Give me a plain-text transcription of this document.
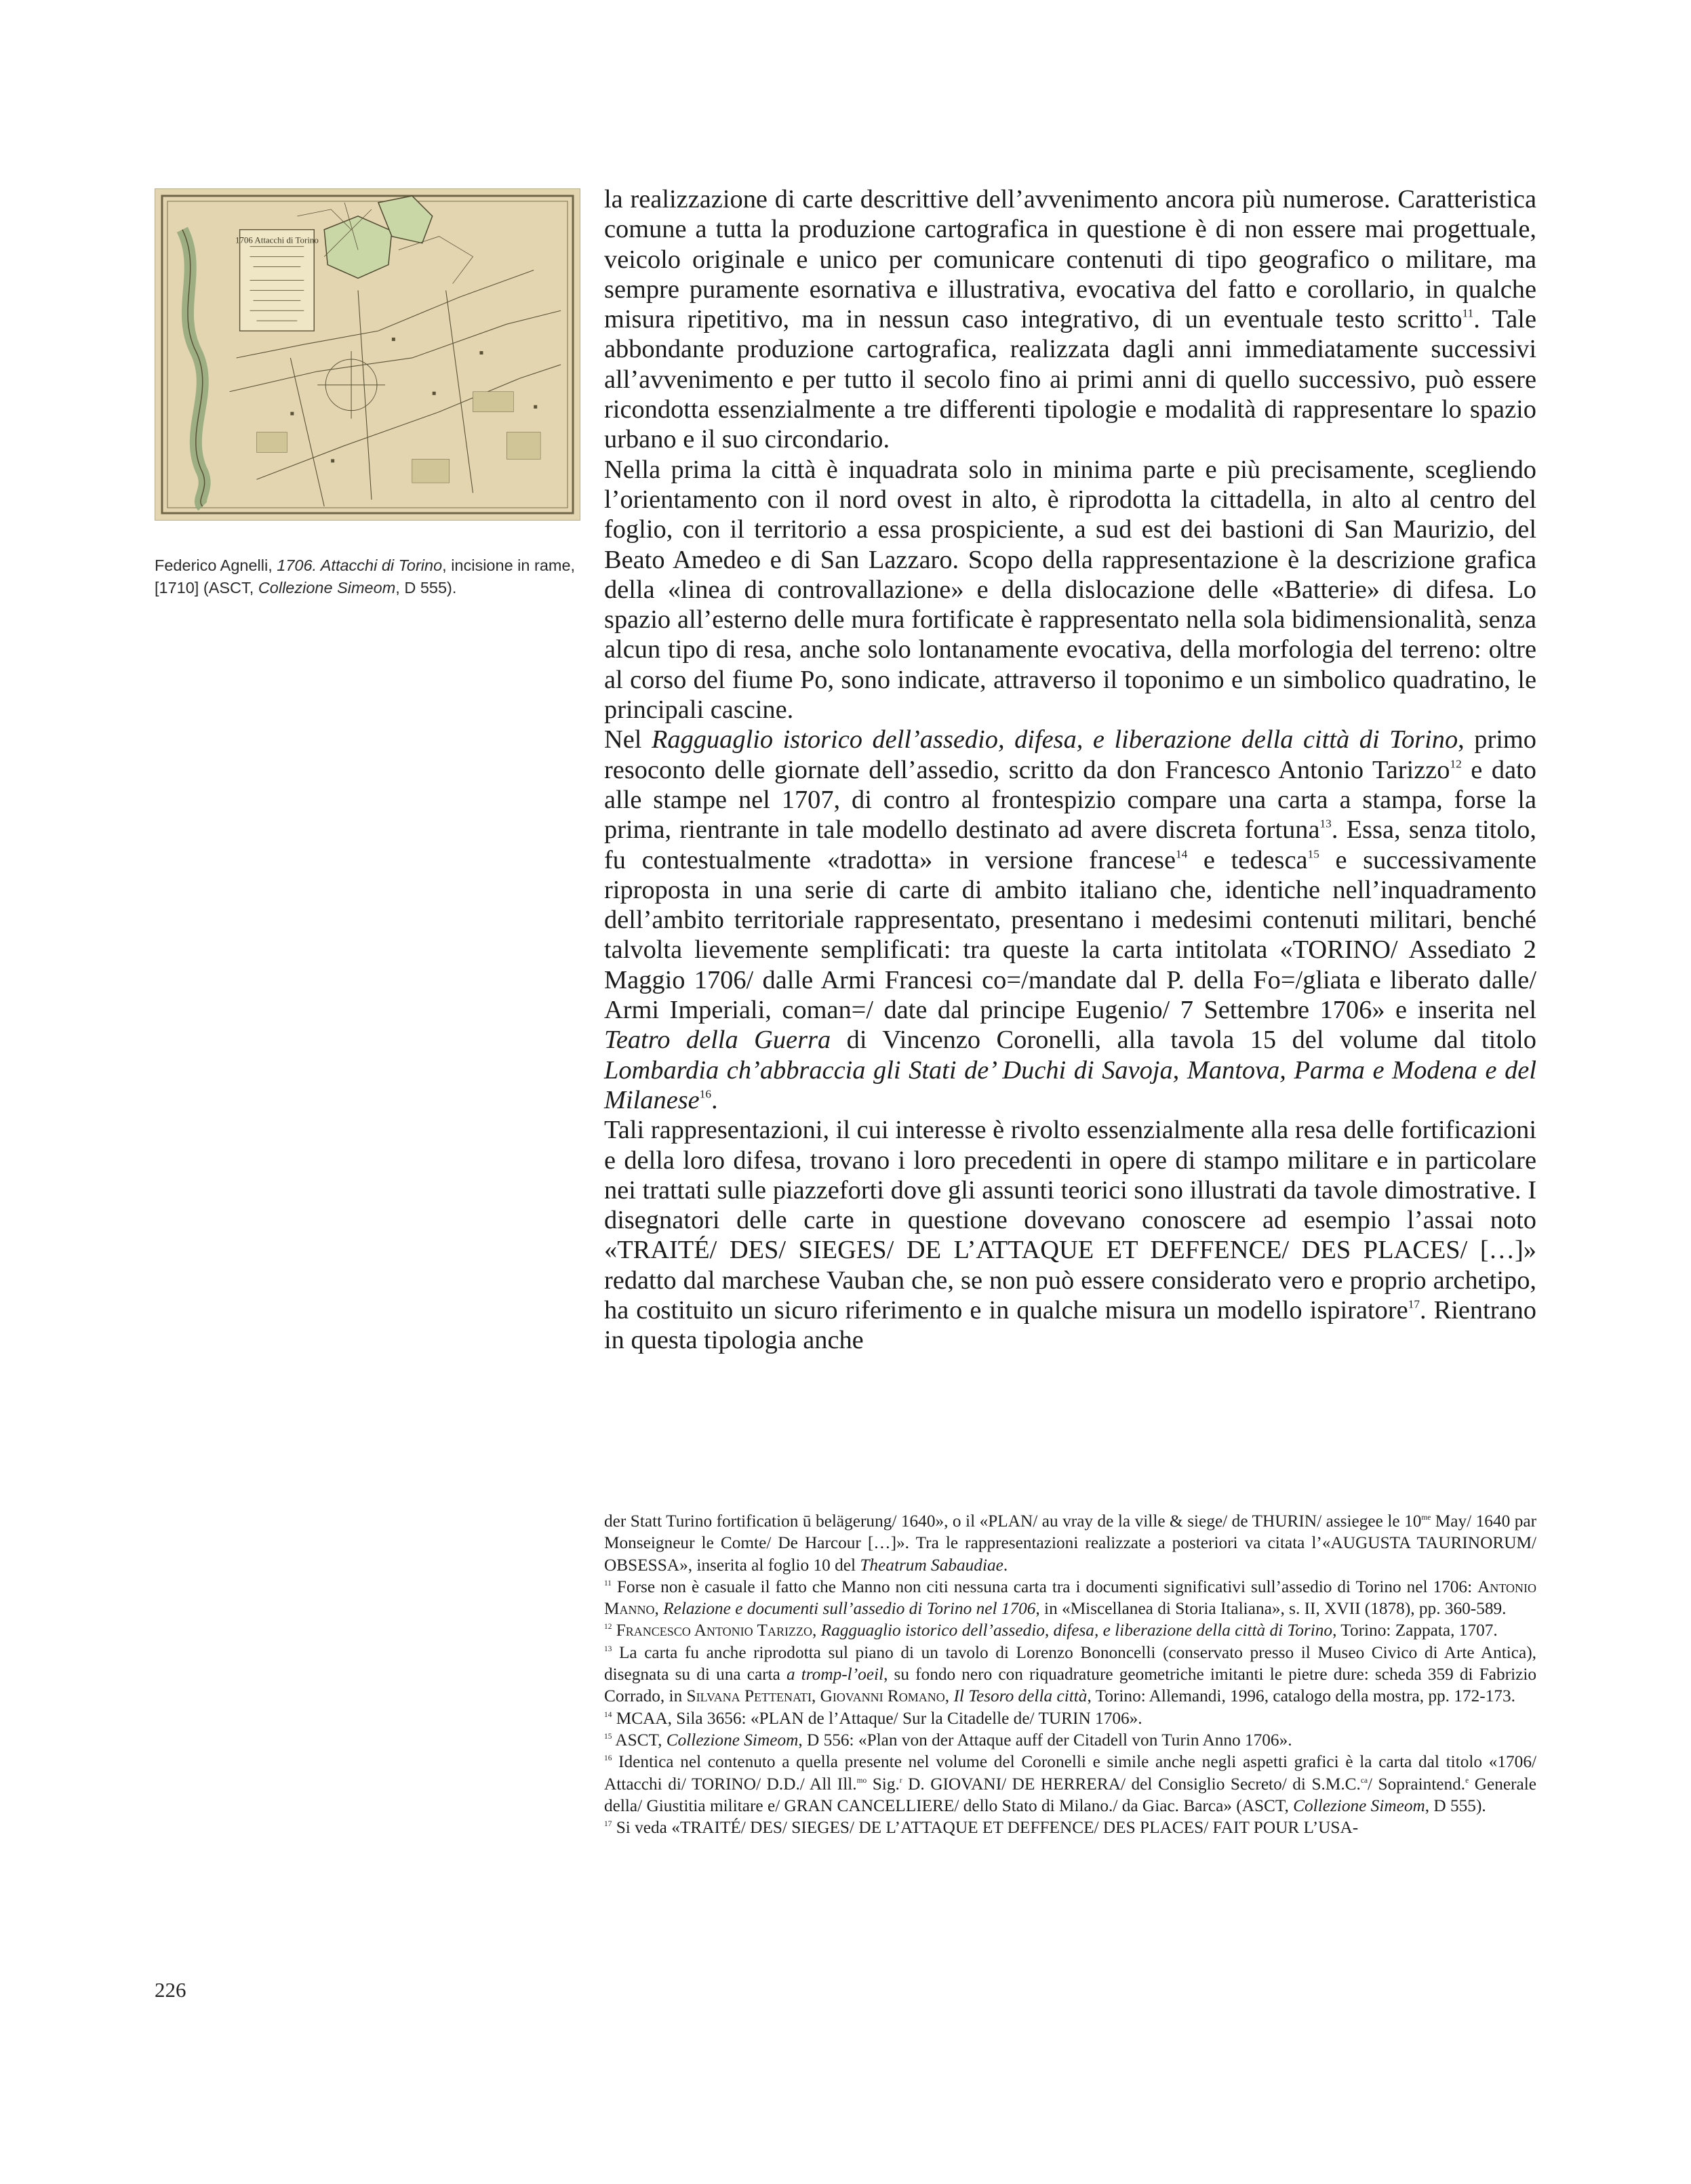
1706 Attacchi di Torino

Federico Agnelli, 1706. Attacchi di Torino, incisione in rame, [1710] (ASCT, Collezione Simeom, D 555).

la realizzazione di carte descrittive dell’avvenimento ancora più numerose. Caratteristica comune a tutta la produzione cartografica in questione è di non essere mai progettuale, veicolo originale e unico per comunicare contenuti di tipo geografico o militare, ma sempre puramente esornativa e illustrativa, evocativa del fatto e corollario, in qualche misura ripetitivo, ma in nessun caso integrativo, di un eventuale testo scritto$^{11}$. Tale abbondante produzione cartografica, realizzata dagli anni immediatamente successivi all’avvenimento e per tutto il secolo fino ai primi anni di quello successivo, può essere ricondotta essenzialmente a tre differenti tipologie e modalità di rappresentare lo spazio urbano e il suo circondario.

Nella prima la città è inquadrata solo in minima parte e più precisamente, scegliendo l’orientamento con il nord ovest in alto, è riprodotta la cittadella, in alto al centro del foglio, con il territorio a essa prospiciente, a sud est dei bastioni di San Maurizio, del Beato Amedeo e di San Lazzaro. Scopo della rappresentazione è la descrizione grafica della «linea di controvallazione» e della dislocazione delle «Batterie» di difesa. Lo spazio all’esterno delle mura fortificate è rappresentato nella sola bidimensionalità, senza alcun tipo di resa, anche solo lontanamente evocativa, della morfologia del terreno: oltre al corso del fiume Po, sono indicate, attraverso il toponimo e un simbolico quadratino, le principali cascine.

Nel Ragguaglio istorico dell’assedio, difesa, e liberazione della città di Torino, primo resoconto delle giornate dell’assedio, scritto da don Francesco Antonio Tarizzo$^{12}$ e dato alle stampe nel 1707, di contro al frontespizio compare una carta a stampa, forse la prima, rientrante in tale modello destinato ad avere discreta fortuna$^{13}$. Essa, senza titolo, fu contestualmente «tradotta» in versione francese$^{14}$ e tedesca$^{15}$ e successivamente riproposta in una serie di carte di ambito italiano che, identiche nell’inquadramento dell’ambito territoriale rappresentato, presentano i medesimi contenuti militari, benché talvolta lievemente semplificati: tra queste la carta intitolata «TORINO/ Assediato 2 Maggio 1706/ dalle Armi Francesi co=/mandate dal P. della Fo=/gliata e liberato dalle/ Armi Imperiali, coman=/ date dal principe Eugenio/ 7 Settembre 1706» e inserita nel Teatro della Guerra di Vincenzo Coronelli, alla tavola 15 del volume dal titolo Lombardia ch’abbraccia gli Stati de’ Duchi di Savoja, Mantova, Parma e Modena e del Milanese$^{16}$.

Tali rappresentazioni, il cui interesse è rivolto essenzialmente alla resa delle fortificazioni e della loro difesa, trovano i loro precedenti in opere di stampo militare e in particolare nei trattati sulle piazzeforti dove gli assunti teorici sono illustrati da tavole dimostrative. I disegnatori delle carte in questione dovevano conoscere ad esempio l’assai noto «TRAITÉ/ DES/ SIEGES/ DE L’ATTAQUE ET DEFFENCE/ DES PLACES/ […]» redatto dal marchese Vauban che, se non può essere considerato vero e proprio archetipo, ha costituito un sicuro riferimento e in qualche misura un modello ispiratore$^{17}$. Rientrano in questa tipologia anche

der Statt Turino fortification ū belägerung/ 1640», o il «PLAN/ au vray de la ville & siege/ de THURIN/ assiegee le $10^{me}$ May/ 1640 par Monseigneur le Comte/ De Harcour […]». Tra le rappresentazioni realizzate a posteriori va citata l’«AUGUSTA TAURINORUM/ OBSESSA», inserita al foglio 10 del Theatrum Sabaudiae.

$^{11}$ Forse non è casuale il fatto che Manno non citi nessuna carta tra i documenti significativi sull’assedio di Torino nel 1706: Antonio Manno, Relazione e documenti sull’assedio di Torino nel 1706, in «Miscellanea di Storia Italiana», s. II, XVII (1878), pp. 360-589.

$^{12}$ Francesco Antonio Tarizzo, Ragguaglio istorico dell’assedio, difesa, e liberazione della città di Torino, Torino: Zappata, 1707.

$^{13}$ La carta fu anche riprodotta sul piano di un tavolo di Lorenzo Bononcelli (conservato presso il Museo Civico di Arte Antica), disegnata su di una carta a tromp-l’oeil, su fondo nero con riquadrature geometriche imitanti le pietre dure: scheda 359 di Fabrizio Corrado, in Silvana Pettenati, Giovanni Romano, Il Tesoro della città, Torino: Allemandi, 1996, catalogo della mostra, pp. 172-173.

$^{14}$ MCAA, Sila 3656: «PLAN de l’Attaque/ Sur la Citadelle de/ TURIN 1706».

$^{15}$ ASCT, Collezione Simeom, D 556: «Plan von der Attaque auff der Citadell von Turin Anno 1706».

$^{16}$ Identica nel contenuto a quella presente nel volume del Coronelli e simile anche negli aspetti grafici è la carta dal titolo «1706/ Attacchi di/ TORINO/ D.D./ All Ill.$^{mo}$ Sig.$^r$ D. GIOVANI/ DE HERRERA/ del Consiglio Secreto/ di S.M.C.$^{ca}$/ Sopraintend.$^e$ Generale della/ Giustitia militare e/ GRAN CANCELLIERE/ dello Stato di Milano./ da Giac. Barca» (ASCT, Collezione Simeom, D 555).

$^{17}$ Si veda «TRAITÉ/ DES/ SIEGES/ DE L’ATTAQUE ET DEFFENCE/ DES PLACES/ FAIT POUR L’USA-

226
